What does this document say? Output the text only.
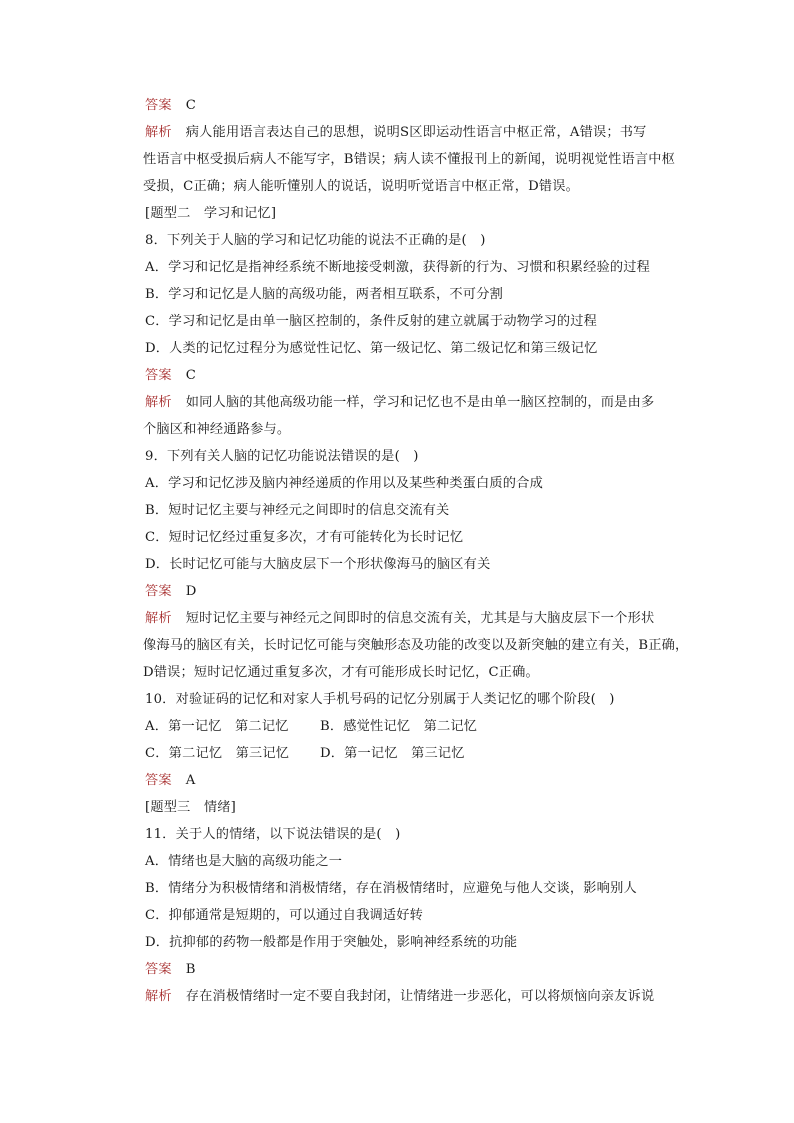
答案 C
解析 病人能用语言表达自己的思想，说明S区即运动性语言中枢正常，A错误；书写
性语言中枢受损后病人不能写字，B错误；病人读不懂报刊上的新闻，说明视觉性语言中枢
受损，C正确；病人能听懂别人的说话，说明听觉语言中枢正常，D错误。
[题型二　学习和记忆]
8．下列关于人脑的学习和记忆功能的说法不正确的是(　)
A．学习和记忆是指神经系统不断地接受刺激，获得新的行为、习惯和积累经验的过程
B．学习和记忆是人脑的高级功能，两者相互联系，不可分割
C．学习和记忆是由单一脑区控制的，条件反射的建立就属于动物学习的过程
D．人类的记忆过程分为感觉性记忆、第一级记忆、第二级记忆和第三级记忆
答案 C
解析 如同人脑的其他高级功能一样，学习和记忆也不是由单一脑区控制的，而是由多
个脑区和神经通路参与。
9．下列有关人脑的记忆功能说法错误的是(　)
A．学习和记忆涉及脑内神经递质的作用以及某些种类蛋白质的合成
B．短时记忆主要与神经元之间即时的信息交流有关
C．短时记忆经过重复多次，才有可能转化为长时记忆
D．长时记忆可能与大脑皮层下一个形状像海马的脑区有关
答案 D
解析 短时记忆主要与神经元之间即时的信息交流有关，尤其是与大脑皮层下一个形状
像海马的脑区有关，长时记忆可能与突触形态及功能的改变以及新突触的建立有关，B正确，
D错误；短时记忆通过重复多次，才有可能形成长时记忆，C正确。
10．对验证码的记忆和对家人手机号码的记忆分别属于人类记忆的哪个阶段(　)
A．第一记忆　第二记忆 B．感觉性记忆　第二记忆
C．第二记忆　第三记忆 D．第一记忆　第三记忆
答案 A
[题型三　情绪]
11．关于人的情绪，以下说法错误的是(　)
A．情绪也是大脑的高级功能之一
B．情绪分为积极情绪和消极情绪，存在消极情绪时，应避免与他人交谈，影响别人
C．抑郁通常是短期的，可以通过自我调适好转
D．抗抑郁的药物一般都是作用于突触处，影响神经系统的功能
答案 B
解析 存在消极情绪时一定不要自我封闭，让情绪进一步恶化，可以将烦恼向亲友诉说
